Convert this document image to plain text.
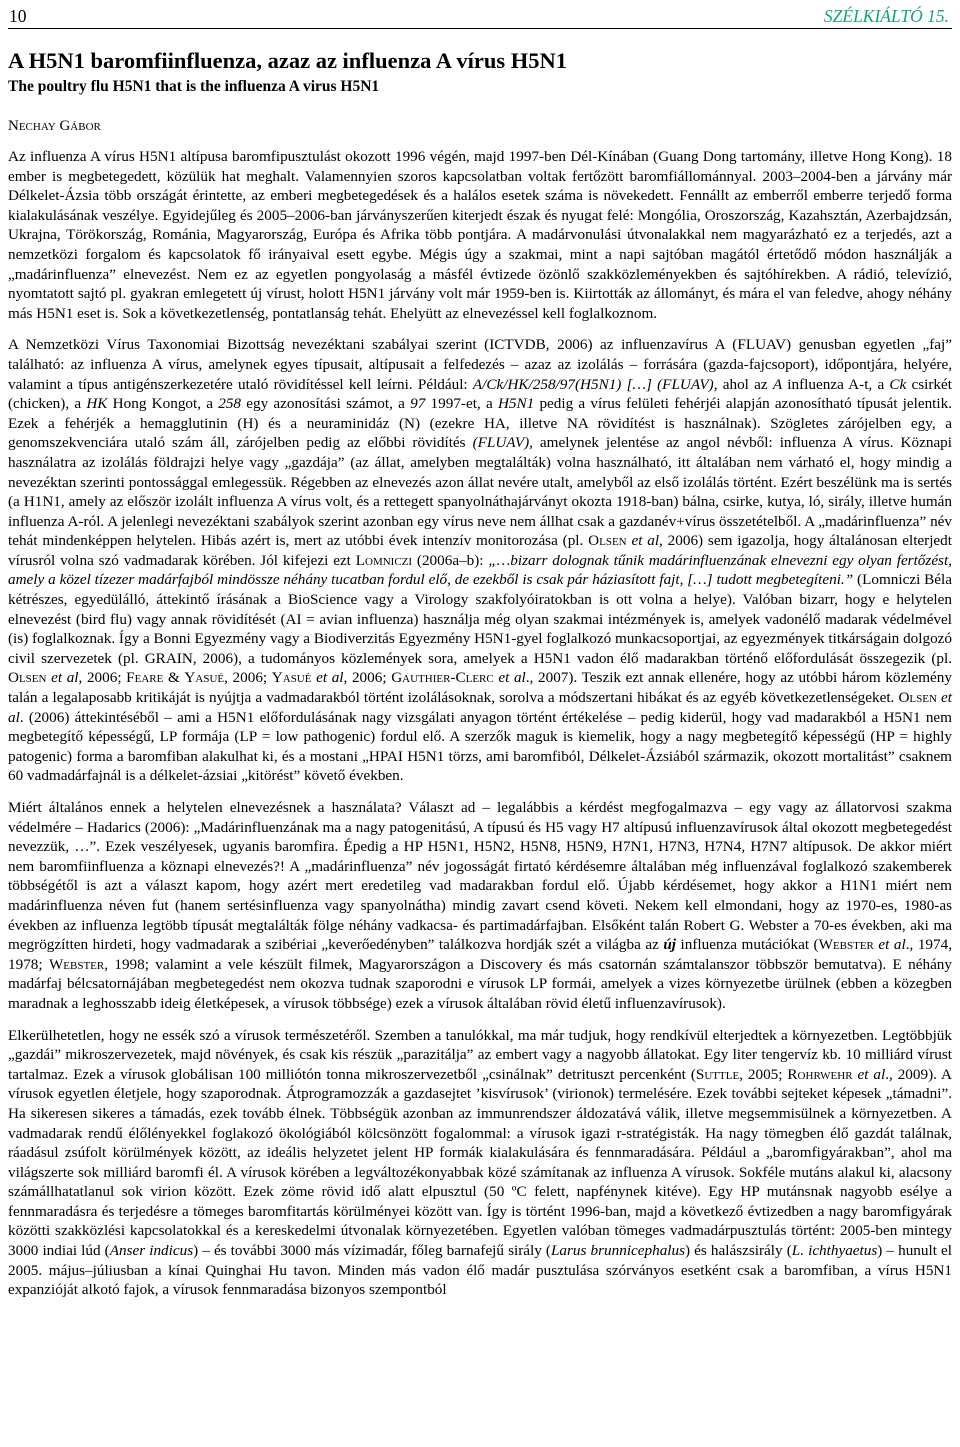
10	SZÉLKIÁLTÓ 15.
A H5N1 baromfiinfluenza, azaz az influenza A vírus H5N1
The poultry flu H5N1 that is the influenza A virus H5N1
Nechay Gábor

Az influenza A vírus H5N1 altípusa baromfipusztulást okozott 1996 végén, majd 1997-ben Dél-Kínában (Guang Dong tartomány, illetve Hong Kong). 18 ember is megbetegedett, közülük hat meghalt. Valamennyien szoros kapcsolatban voltak fertőzött baromfiállománnyal. 2003–2004-ben a járvány már Délkelet-Ázsia több országát érintette, az emberi megbetegedések és a halálos esetek száma is növekedett. Fennállt az emberről emberre terjedő forma kialakulásának veszélye. Egyidejűleg és 2005–2006-ban járványszerűen kiterjedt észak és nyugat felé: Mongólia, Oroszország, Kazahsztán, Azerbajdzsán, Ukrajna, Törökország, Románia, Magyarország, Európa és Afrika több pontjára. A madárvonulási útvonalakkal nem magyarázható ez a terjedés, azt a nemzetközi forgalom és kapcsolatok fő irányaival esett egybe. Mégis úgy a szakmai, mint a napi sajtóban magától értetődő módon használják a „madárinfluenza” elnevezést. Nem ez az egyetlen pongyolaság a másfél évtizede özönlő szakközleményekben és sajtóhírekben. A rádió, televízió, nyomtatott sajtó pl. gyakran emlegetett új vírust, holott H5N1 járvány volt már 1959-ben is. Kiirtották az állományt, és mára el van feledve, ahogy néhány más H5N1 eset is. Sok a következetlenség, pontatlanság tehát. Ehelyütt az elnevezéssel kell foglalkoznom.

A Nemzetközi Vírus Taxonomiai Bizottság nevezéktani szabályai szerint (ICTVDB, 2006) az influenzavírus A (FLUAV) genusban egyetlen „faj” található: az influenza A vírus, amelynek egyes típusait, altípusait a felfedezés – azaz az izolálás – forrására (gazda-fajcsoport), időpontjára, helyére, valamint a típus antigénszerkezetére utaló rövidítéssel kell leírni. Például: A/Ck/HK/258/97(H5N1) […] (FLUAV), ahol az A influenza A-t, a Ck csirkét (chicken), a HK Hong Kongot, a 258 egy azonosítási számot, a 97 1997-et, a H5N1 pedig a vírus felületi fehérjéi alapján azonosítható típusát jelentik. Ezek a fehérjék a hemagglutinin (H) és a neuraminidáz (N) (ezekre HA, illetve NA rövidítést is használnak). Szögletes zárójelben egy, a genomszekvenciára utaló szám áll, zárójelben pedig az előbbi rövidítés (FLUAV), amelynek jelentése az angol névből: influenza A vírus. Köznapi használatra az izolálás földrajzi helye vagy „gazdája” (az állat, amelyben megtalálták) volna használható, itt általában nem várható el, hogy mindig a nevezéktan szerinti pontossággal emlegessük. Régebben az elnevezés azon állat nevére utalt, amelyből az első izolálás történt. Ezért beszélünk ma is sertés (a H1N1, amely az először izolált influenza A vírus volt, és a rettegett spanyolnáthajárványt okozta 1918-ban) bálna, csirke, kutya, ló, sirály, illetve humán influenza A-ról. A jelenlegi nevezéktani szabályok szerint azonban egy vírus neve nem állhat csak a gazdanév+vírus összetételből. A „madárinfluenza” név tehát mindenképpen helytelen. Hibás azért is, mert az utóbbi évek intenzív monitorozása (pl. Olsen et al, 2006) sem igazolja, hogy általánosan elterjedt vírusról volna szó vadmadarak körében. Jól kifejezi ezt Lomniczi (2006a–b): „…bizarr dolognak tűnik madárinfluenzának elnevezni egy olyan fertőzést, amely a közel tízezer madárfajból mindössze néhány tucatban fordul elő, de ezekből is csak pár háziasított fajt, […] tudott megbetegíteni.” (Lomniczi Béla kétrészes, egyedülálló, áttekintő írásának a BioScience vagy a Virology szakfolyóiratokban is ott volna a helye). Valóban bizarr, hogy e helytelen elnevezést (bird flu) vagy annak rövidítését (AI = avian influenza) használja még olyan szakmai intézmények is, amelyek vadonélő madarak védelmével (is) foglalkoznak. Így a Bonni Egyezmény vagy a Biodiverzitás Egyezmény H5N1-gyel foglalkozó munkacsoportjai, az egyezmények titkárságain dolgozó civil szervezetek (pl. GRAIN, 2006), a tudományos közlemények sora, amelyek a H5N1 vadon élő madarakban történő előfordulását összegezik (pl. Olsen et al, 2006; Feare & Yasué, 2006; Yasué et al, 2006; Gauthier-Clerc et al., 2007). Teszik ezt annak ellenére, hogy az utóbbi három közlemény talán a legalaposabb kritikáját is nyújtja a vadmadarakból történt izolálásoknak, sorolva a módszertani hibákat és az egyéb következetlenségeket. Olsen et al. (2006) áttekintéséből – ami a H5N1 előfordulásának nagy vizsgálati anyagon történt értékelése – pedig kiderül, hogy vad madarakból a H5N1 nem megbetegítő képességű, LP formája (LP = low pathogenic) fordul elő. A szerzők maguk is kiemelik, hogy a nagy megbetegítő képességű (HP = highly patogenic) forma a baromfiban alakulhat ki, és a mostani „HPAI H5N1 törzs, ami baromfiból, Délkelet-Ázsiából származik, okozott mortalitást” csaknem 60 vadmadárfajnál is a délkelet-ázsiai „kitörést” követő években.

Miért általános ennek a helytelen elnevezésnek a használata? Választ ad – legalábbis a kérdést megfogalmazva – egy vagy az állatorvosi szakma védelmére – Hadarics (2006): „Madárinfluenzának ma a nagy patogenitású, A típusú és H5 vagy H7 altípusú influenzavírusok által okozott megbetegedést nevezzük, …”. Ezek veszélyesek, ugyanis baromfira. Épedig a HP H5N1, H5N2, H5N8, H5N9, H7N1, H7N3, H7N4, H7N7 altípusok. De akkor miért nem baromfiinfluenza a köznapi elnevezés?! A „madárinfluenza” név jogosságát firtató kérdésemre általában még influenzával foglalkozó szakemberek többségétől is azt a választ kapom, hogy azért mert eredetileg vad madarakban fordul elő. Újabb kérdésemet, hogy akkor a H1N1 miért nem madárinfluenza néven fut (hanem sertésinfluenza vagy spanyolnátha) mindig zavart csend követi. Nekem kell elmondani, hogy az 1970-es, 1980-as években az influenza legtöbb típusát megtalálták fölge néhány vadkacsa- és partimadárfajban. Elsőként talán Robert G. Webster a 70-es években, aki ma megrögzítten hirdeti, hogy vadmadarak a szibériai „keverőedényben” találkozva hordják szét a világba az új influenza mutációkat (Webster et al., 1974, 1978; Webster, 1998; valamint a vele készült filmek, Magyarországon a Discovery és más csatornán számtalanszor többször bemutatva). E néhány madárfaj bélcsatornájában megbetegedést nem okozva tudnak szaporodni e vírusok LP formái, amelyek a vizes környezetbe ürülnek (ebben a közegben maradnak a leghosszabb ideig életképesek, a vírusok többsége) ezek a vírusok általában rövid életű influenzavírusok).

Elkerülhetetlen, hogy ne essék szó a vírusok természetéről. Szemben a tanulókkal, ma már tudjuk, hogy rendkívül elterjedtek a környezetben. Legtöbbjük „gazdái” mikroszervezetek, majd növények, és csak kis részük „parazitálja” az embert vagy a nagyobb állatokat. Egy liter tengervíz kb. 10 milliárd vírust tartalmaz. Ezek a vírusok globálisan 100 milliótón tonna mikroszervezetből „csinálnak” detrituszt percenként (Suttle, 2005; Rohrwehr et al., 2009). A vírusok egyetlen életjele, hogy szaporodnak. Átprogramozzák a gazdasejtet ’kisvírusok’ (virionok) termelésére. Ezek további sejteket képesek „támadni”. Ha sikeresen sikeres a támadás, ezek tovább élnek. Többségük azonban az immunrendszer áldozatává válik, illetve megsemmisülnek a környezetben. A vadmadarak rendű élőlényekkel foglakozó ökológiából kölcsönzött fogalommal: a vírusok igazi r-stratégisták. Ha nagy tömegben élő gazdát találnak, ráadásul zsúfolt körülmények között, az ideális helyzetet jelent HP formák kialakulására és fennmaradására. Például a „baromfigyárakban”, ahol ma világszerte sok milliárd baromfi él. A vírusok körében a legváltozékonyabbak közé számítanak az influenza A vírusok. Sokféle mutáns alakul ki, alacsony számállhatatlanul sok virion között. Ezek zöme rövid idő alatt elpusztul (50 ºC felett, napfénynek kitéve). Egy HP mutánsnak nagyobb esélye a fennmaradásra és terjedésre a tömeges baromfitartás körülményei között van. Így is történt 1996-ban, majd a következő évtizedben a nagy baromfigyárak közötti szakközlési kapcsolatokkal és a kereskedelmi útvonalak környezetében. Egyetlen valóban tömeges vadmadárpusztulás történt: 2005-ben mintegy 3000 indiai lúd (Anser indicus) – és további 3000 más vízimadár, főleg barnafejű sirály (Larus brunnicephalus) és halászsirály (L. ichthyaetus) – hunult el 2005. május–júliusban a kínai Quinghai Hu tavon. Minden más vadon élő madár pusztulása szórványos esetként csak a baromfiban, a vírus H5N1 expanzióját alkotó fajok, a vírusok fennmaradása bizonyos szempontból
